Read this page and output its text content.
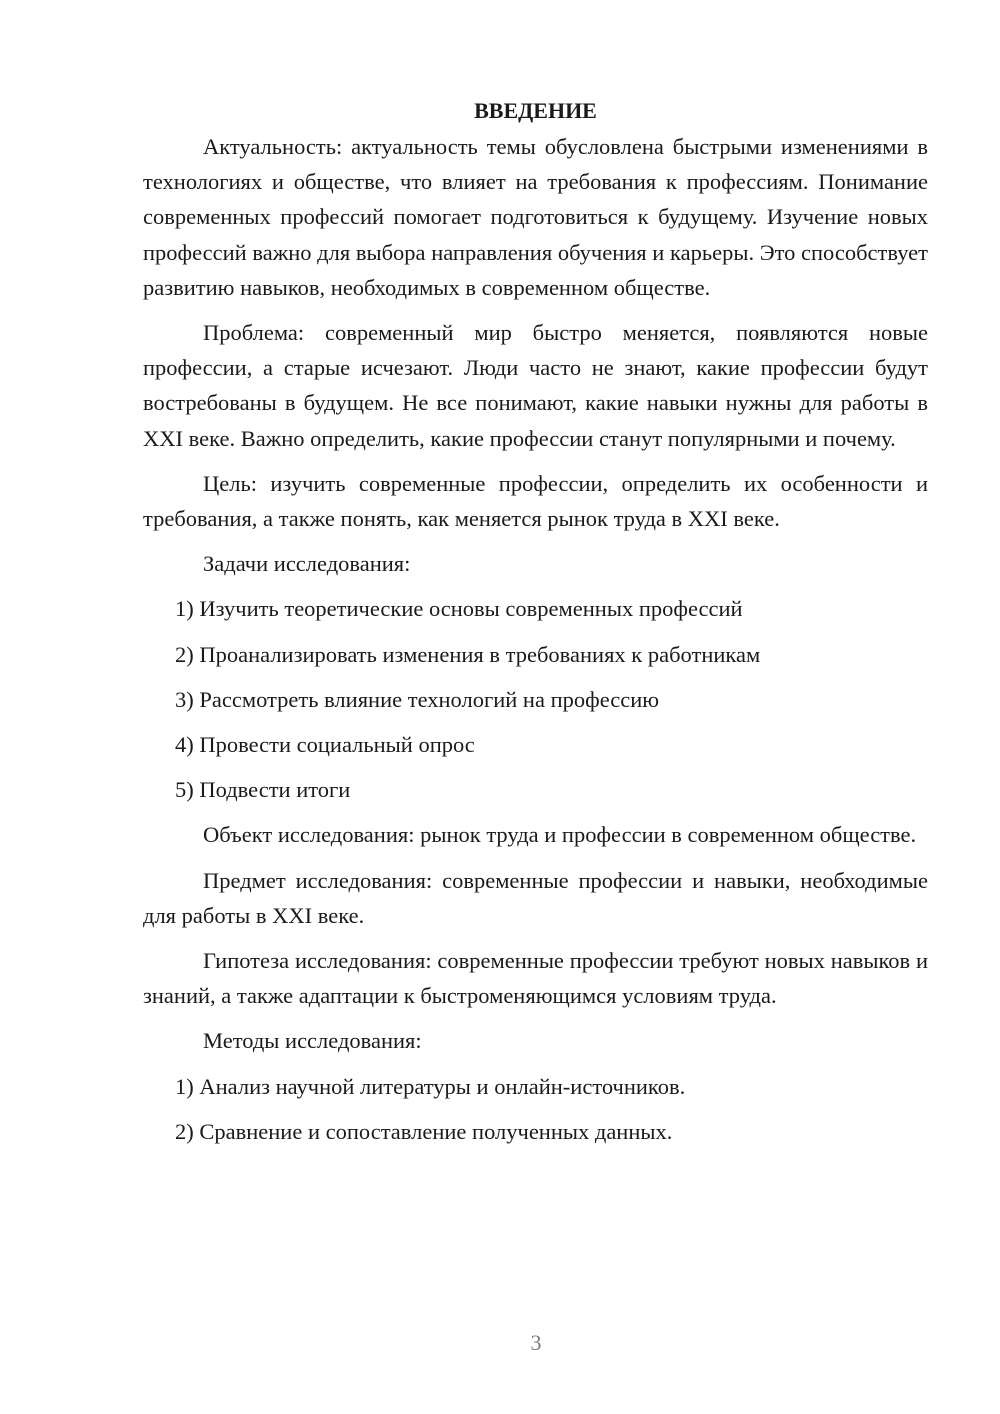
ВВЕДЕНИЕ

Актуальность: актуальность темы обусловлена быстрыми изменениями в технологиях и обществе, что влияет на требования к профессиям. Понимание современных профессий помогает подготовиться к будущему. Изучение новых профессий важно для выбора направления обучения и карьеры. Это способствует развитию навыков, необходимых в современном обществе.

Проблема: современный мир быстро меняется, появляются новые профессии, а старые исчезают. Люди часто не знают, какие профессии будут востребованы в будущем. Не все понимают, какие навыки нужны для работы в XXI веке. Важно определить, какие профессии станут популярными и почему.

Цель: изучить современные профессии, определить их особенности и требования, а также понять, как меняется рынок труда в XXI веке.

Задачи исследования:

1) Изучить теоретические основы современных профессий
2) Проанализировать изменения в требованиях к работникам
3) Рассмотреть влияние технологий на профессию
4) Провести социальный опрос
5) Подвести итоги

Объект исследования: рынок труда и профессии в современном обществе.

Предмет исследования: современные профессии и навыки, необходимые для работы в XXI веке.

Гипотеза исследования: современные профессии требуют новых навыков и знаний, а также адаптации к быстроменяющимся условиям труда.

Методы исследования:

1) Анализ научной литературы и онлайн-источников.
2) Сравнение и сопоставление полученных данных.
3
